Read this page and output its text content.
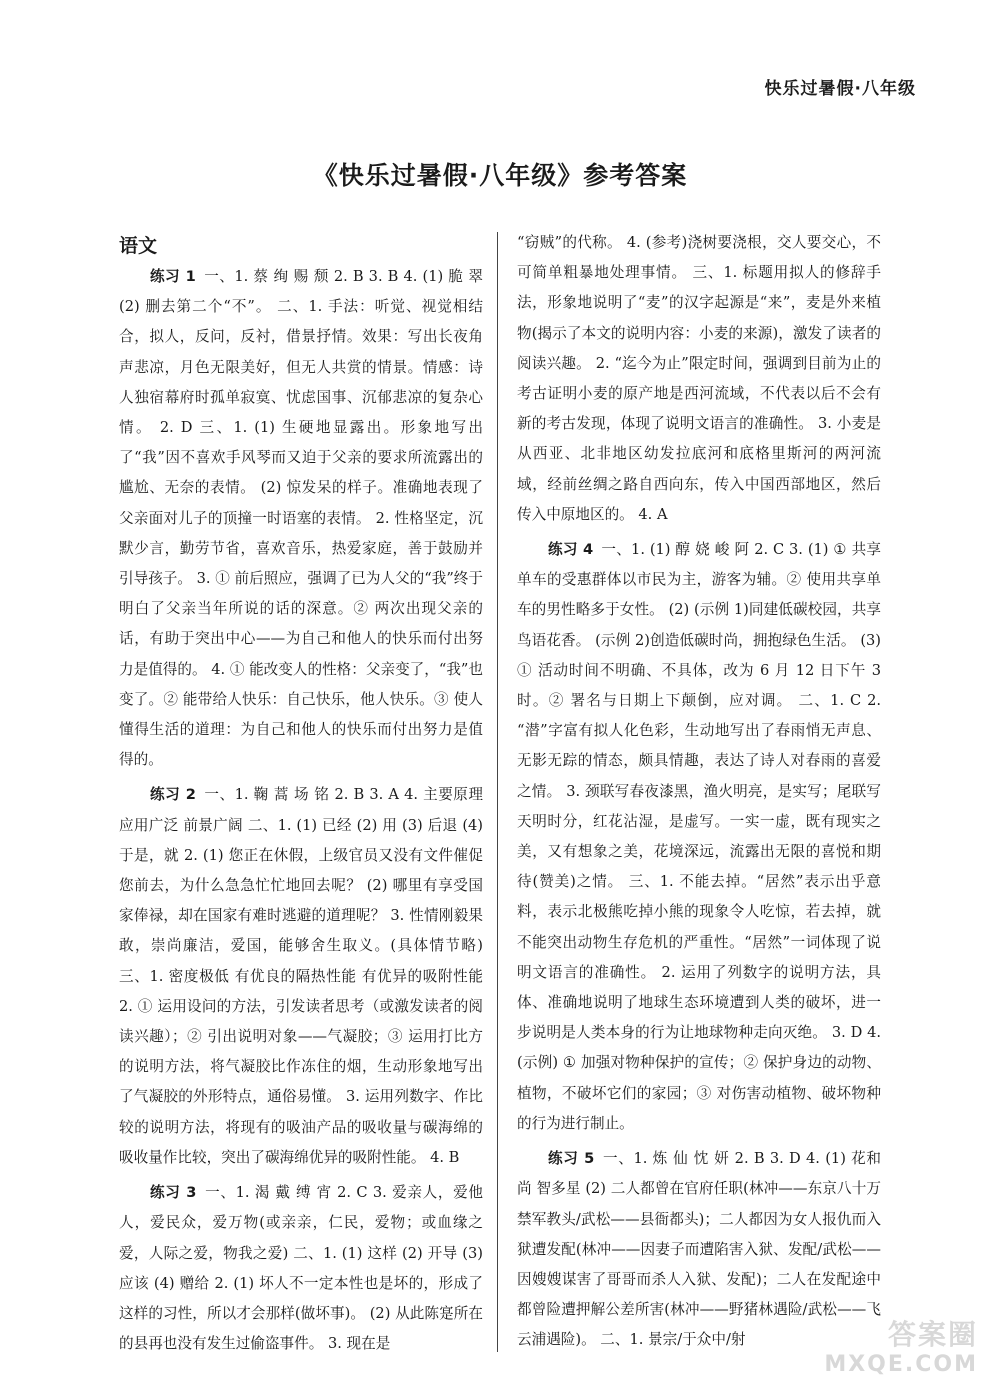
快乐过暑假·八年级
《快乐过暑假·八年级》参考答案
语文

练习 1 一、1. 蔡 绚 赐 颓 2. B 3. B 4. (1) 脆 翠 (2) 删去第二个“不”。 二、1. 手法：听觉、视觉相结合，拟人，反问，反衬，借景抒情。效果：写出长夜角声悲凉，月色无限美好，但无人共赏的情景。情感：诗人独宿幕府时孤单寂寞、忧虑国事、沉郁悲凉的复杂心情。 2. D 三、1. (1) 生硬地显露出。形象地写出了“我”因不喜欢手风琴而又迫于父亲的要求所流露出的尴尬、无奈的表情。 (2) 惊发呆的样子。准确地表现了父亲面对儿子的顶撞一时语塞的表情。 2. 性格坚定，沉默少言，勤劳节省，喜欢音乐，热爱家庭，善于鼓励并引导孩子。 3. ① 前后照应，强调了已为人父的“我”终于明白了父亲当年所说的话的深意。② 两次出现父亲的话，有助于突出中心——为自己和他人的快乐而付出努力是值得的。 4. ① 能改变人的性格：父亲变了，“我”也变了。② 能带给人快乐：自己快乐，他人快乐。③ 使人懂得生活的道理：为自己和他人的快乐而付出努力是值得的。

练习 2 一、1. 鞠 蒿 场 铭 2. B 3. A 4. 主要原理 应用广泛 前景广阔 二、1. (1) 已经 (2) 用 (3) 后退 (4) 于是，就 2. (1) 您正在休假，上级官员又没有文件催促您前去，为什么急急忙忙地回去呢？ (2) 哪里有享受国家俸禄，却在国家有难时逃避的道理呢？ 3. 性情刚毅果敢，崇尚廉洁，爱国，能够舍生取义。(具体情节略) 三、1. 密度极低 有优良的隔热性能 有优异的吸附性能 2. ① 运用设问的方法，引发读者思考（或激发读者的阅读兴趣）；② 引出说明对象——气凝胶；③ 运用打比方的说明方法，将气凝胶比作冻住的烟，生动形象地写出了气凝胶的外形特点，通俗易懂。 3. 运用列数字、作比较的说明方法，将现有的吸油产品的吸收量与碳海绵的吸收量作比较，突出了碳海绵优异的吸附性能。 4. B

练习 3 一、1. 渴 戴 缚 宵 2. C 3. 爱亲人，爱他人，爱民众，爱万物(或亲亲，仁民，爱物；或血缘之爱，人际之爱，物我之爱) 二、1. (1) 这样 (2) 开导 (3) 应该 (4) 赠给 2. (1) 坏人不一定本性也是坏的，形成了这样的习性，所以才会那样(做坏事)。 (2) 从此陈寔所在的县再也没有发生过偷盗事件。 3. 现在是

“窃贼”的代称。 4. (参考)浇树要浇根，交人要交心，不可简单粗暴地处理事情。 三、1. 标题用拟人的修辞手法，形象地说明了“麦”的汉字起源是“来”，麦是外来植物(揭示了本文的说明内容：小麦的来源)，激发了读者的阅读兴趣。 2. “迄今为止”限定时间，强调到目前为止的考古证明小麦的原产地是西河流域，不代表以后不会有新的考古发现，体现了说明文语言的准确性。 3. 小麦是从西亚、北非地区幼发拉底河和底格里斯河的两河流域，经前丝绸之路自西向东，传入中国西部地区，然后传入中原地区的。 4. A

练习 4 一、1. (1) 醇 娆 峻 阿 2. C 3. (1) ① 共享单车的受惠群体以市民为主，游客为辅。② 使用共享单车的男性略多于女性。 (2) (示例 1)同建低碳校园，共享鸟语花香。 (示例 2)创造低碳时尚，拥抱绿色生活。 (3) ① 活动时间不明确、不具体，改为 6 月 12 日下午 3 时。② 署名与日期上下颠倒，应对调。 二、1. C 2. “潜”字富有拟人化色彩，生动地写出了春雨悄无声息、无影无踪的情态，颇具情趣，表达了诗人对春雨的喜爱之情。 3. 颈联写春夜漆黑，渔火明亮，是实写；尾联写天明时分，红花沾湿，是虚写。一实一虚，既有现实之美，又有想象之美，花境深远，流露出无限的喜悦和期待(赞美)之情。 三、1. 不能去掉。“居然”表示出乎意料，表示北极熊吃掉小熊的现象令人吃惊，若去掉，就不能突出动物生存危机的严重性。“居然”一词体现了说明文语言的准确性。 2. 运用了列数字的说明方法，具体、准确地说明了地球生态环境遭到人类的破坏，进一步说明是人类本身的行为让地球物种走向灭绝。 3. D 4. (示例) ① 加强对物种保护的宣传；② 保护身边的动物、植物，不破坏它们的家园；③ 对伤害动植物、破坏物种的行为进行制止。

练习 5 一、1. 炼 仙 忱 妍 2. B 3. D 4. (1) 花和尚 智多星 (2) 二人都曾在官府任职(林冲——东京八十万禁军教头/武松——县衙都头)；二人都因为女人报仇而入狱遭发配(林冲——因妻子而遭陷害入狱、发配/武松——因嫂嫂谋害了哥哥而杀人入狱、发配)；二人在发配途中都曾险遭押解公差所害(林冲——野猪林遇险/武松——飞云浦遇险)。 二、1. 景宗/于众中/射	答案圈
MXQE.COM
